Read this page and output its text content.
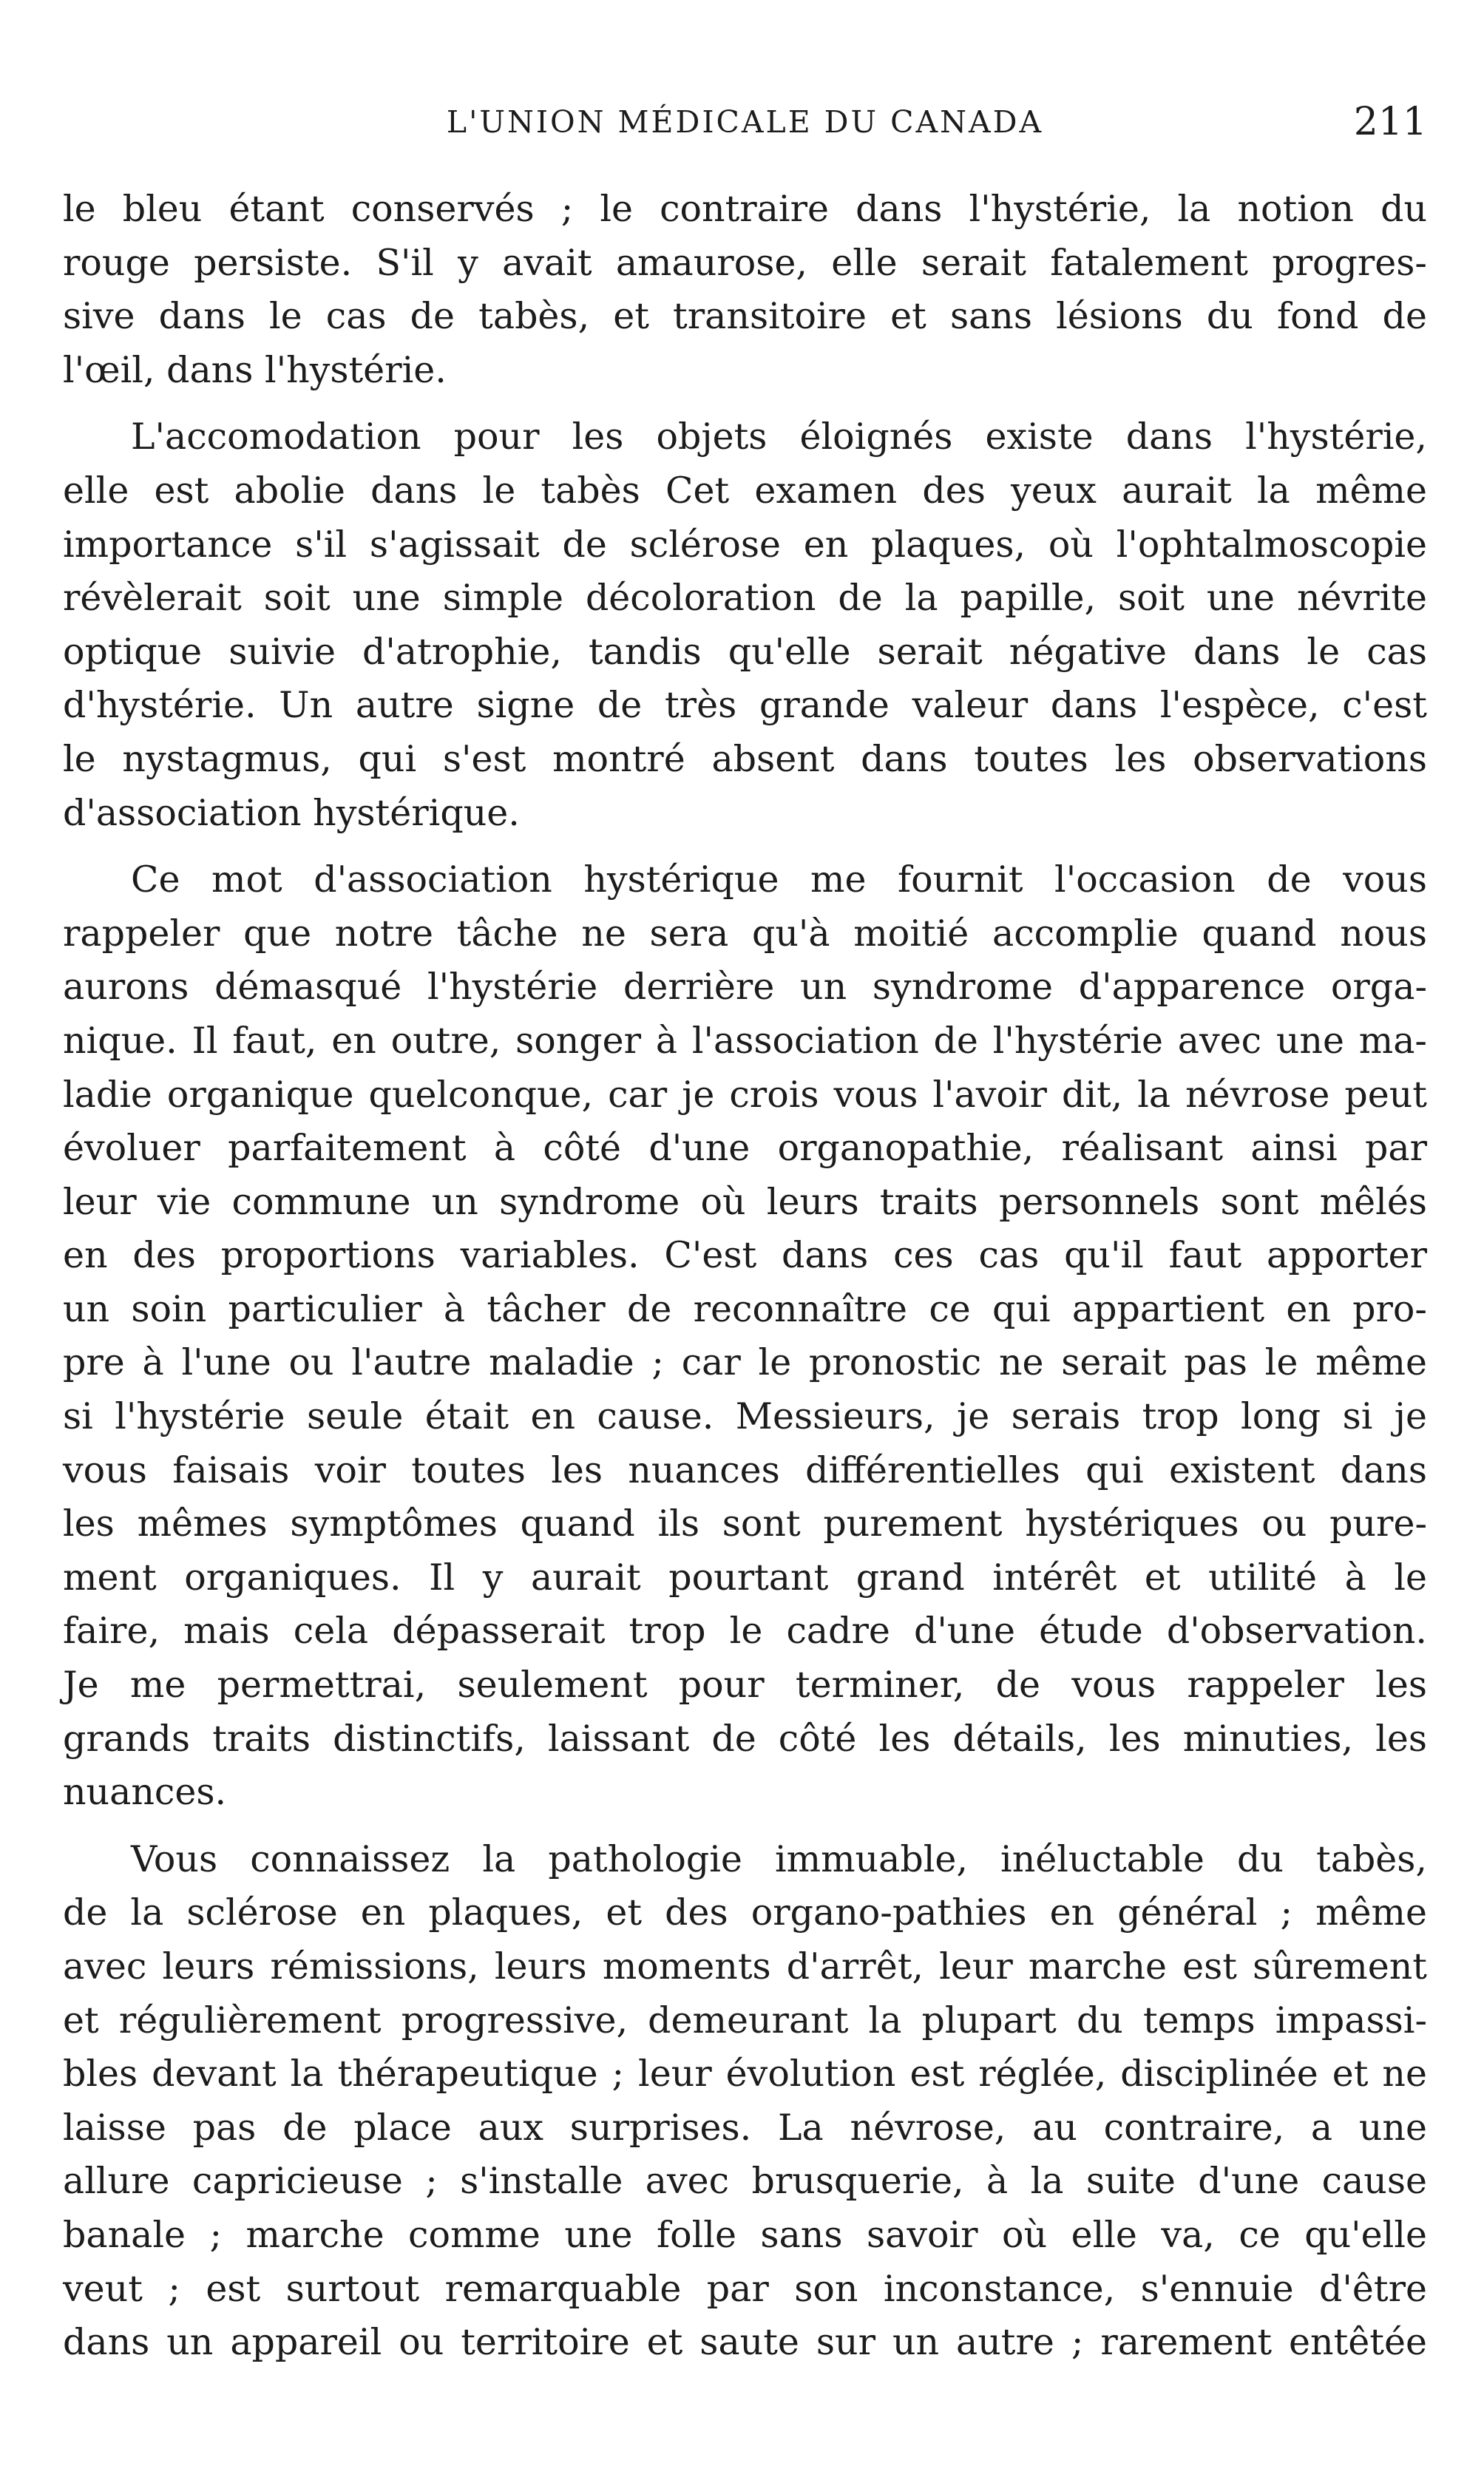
L'UNION MÉDICALE DU CANADA	211

le bleu étant conservés ; le contraire dans l'hystérie, la notion du
rouge persiste. S'il y avait amaurose, elle serait fatalement progres-
sive dans le cas de tabès, et transitoire et sans lésions du fond de
l'œil, dans l'hystérie.

L'accomodation pour les objets éloignés existe dans l'hystérie,
elle est abolie dans le tabès Cet examen des yeux aurait la même
importance s'il s'agissait de sclérose en plaques, où l'ophtalmoscopie
révèlerait soit une simple décoloration de la papille, soit une névrite
optique suivie d'atrophie, tandis qu'elle serait négative dans le cas
d'hystérie. Un autre signe de très grande valeur dans l'espèce, c'est
le nystagmus, qui s'est montré absent dans toutes les observations
d'association hystérique.

Ce mot d'association hystérique me fournit l'occasion de vous
rappeler que notre tâche ne sera qu'à moitié accomplie quand nous
aurons démasqué l'hystérie derrière un syndrome d'apparence orga-
nique. Il faut, en outre, songer à l'association de l'hystérie avec une ma-
ladie organique quelconque, car je crois vous l'avoir dit, la névrose peut
évoluer parfaitement à côté d'une organopathie, réalisant ainsi par
leur vie commune un syndrome où leurs traits personnels sont mêlés
en des proportions variables. C'est dans ces cas qu'il faut apporter
un soin particulier à tâcher de reconnaître ce qui appartient en pro-
pre à l'une ou l'autre maladie ; car le pronostic ne serait pas le même
si l'hystérie seule était en cause. Messieurs, je serais trop long si je
vous faisais voir toutes les nuances différentielles qui existent dans
les mêmes symptômes quand ils sont purement hystériques ou pure-
ment organiques. Il y aurait pourtant grand intérêt et utilité à le
faire, mais cela dépasserait trop le cadre d'une étude d'observation.
Je me permettrai, seulement pour terminer, de vous rappeler les
grands traits distinctifs, laissant de côté les détails, les minuties, les
nuances.

Vous connaissez la pathologie immuable, inéluctable du tabès,
de la sclérose en plaques, et des organo-pathies en général ; même
avec leurs rémissions, leurs moments d'arrêt, leur marche est sûrement
et régulièrement progressive, demeurant la plupart du temps impassi-
bles devant la thérapeutique ; leur évolution est réglée, disciplinée et ne
laisse pas de place aux surprises. La névrose, au contraire, a une
allure capricieuse ; s'installe avec brusquerie, à la suite d'une cause
banale ; marche comme une folle sans savoir où elle va, ce qu'elle
veut ; est surtout remarquable par son inconstance, s'ennuie d'être
dans un appareil ou territoire et saute sur un autre ; rarement entêtée
